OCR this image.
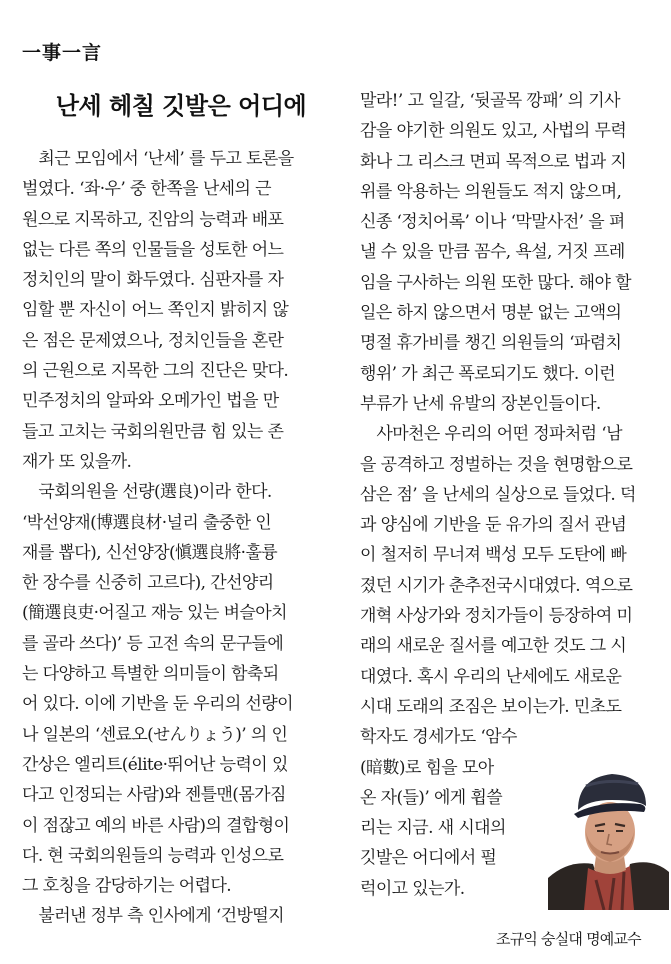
一事一言
난세 헤칠 깃발은 어디에
　최근 모임에서 ‘난세’ 를 두고 토론을
벌였다. ‘좌·우’ 중 한쪽을 난세의 근
원으로 지목하고, 진암의 능력과 배포
없는 다른 쪽의 인물들을 성토한 어느
정치인의 말이 화두였다. 심판자를 자
임할 뿐 자신이 어느 쪽인지 밝히지 않
은 점은 문제였으나, 정치인들을 혼란
의 근원으로 지목한 그의 진단은 맞다.
민주정치의 알파와 오메가인 법을 만
들고 고치는 국회의원만큼 힘 있는 존
재가 또 있을까.
　국회의원을 선량(選良)이라 한다.
‘박선양재(博選良材·널리 출중한 인
재를 뽑다), 신선양장(愼選良將·훌륭
한 장수를 신중히 고르다), 간선양리
(簡選良吏·어질고 재능 있는 벼슬아치
를 골라 쓰다)’ 등 고전 속의 문구들에
는 다양하고 특별한 의미들이 함축되
어 있다. 이에 기반을 둔 우리의 선량이
나 일본의 ‘센료오(せんりょう)’ 의 인
간상은 엘리트(élite·뛰어난 능력이 있
다고 인정되는 사람)와 젠틀맨(몸가짐
이 점잖고 예의 바른 사람)의 결합형이
다. 현 국회의원들의 능력과 인성으로
그 호칭을 감당하기는 어렵다.
　불러낸 정부 측 인사에게 ‘건방떨지
말라!’ 고 일갈, ‘뒷골목 깡패’ 의 기사
감을 야기한 의원도 있고, 사법의 무력
화나 그 리스크 면피 목적으로 법과 지
위를 악용하는 의원들도 적지 않으며,
신종 ‘정치어록’ 이나 ‘막말사전’ 을 펴
낼 수 있을 만큼 꼼수, 욕설, 거짓 프레
임을 구사하는 의원 또한 많다. 해야 할
일은 하지 않으면서 명분 없는 고액의
명절 휴가비를 챙긴 의원들의 ‘파렴치
행위’ 가 최근 폭로되기도 했다. 이런
부류가 난세 유발의 장본인들이다.
　사마천은 우리의 어떤 정파처럼 ‘남
을 공격하고 정벌하는 것을 현명함으로
삼은 점’ 을 난세의 실상으로 들었다. 덕
과 양심에 기반을 둔 유가의 질서 관념
이 철저히 무너져 백성 모두 도탄에 빠
졌던 시기가 춘추전국시대였다. 역으로
개혁 사상가와 정치가들이 등장하여 미
래의 새로운 질서를 예고한 것도 그 시
대였다. 혹시 우리의 난세에도 새로운
시대 도래의 조짐은 보이는가. 민초도
학자도 경세가도 ‘암수
(暗數)로 힘을 모아
온 자(들)’ 에게 휩쓸
리는 지금. 새 시대의
깃발은 어디에서 펄
럭이고 있는가.
조규익 숭실대 명예교수
